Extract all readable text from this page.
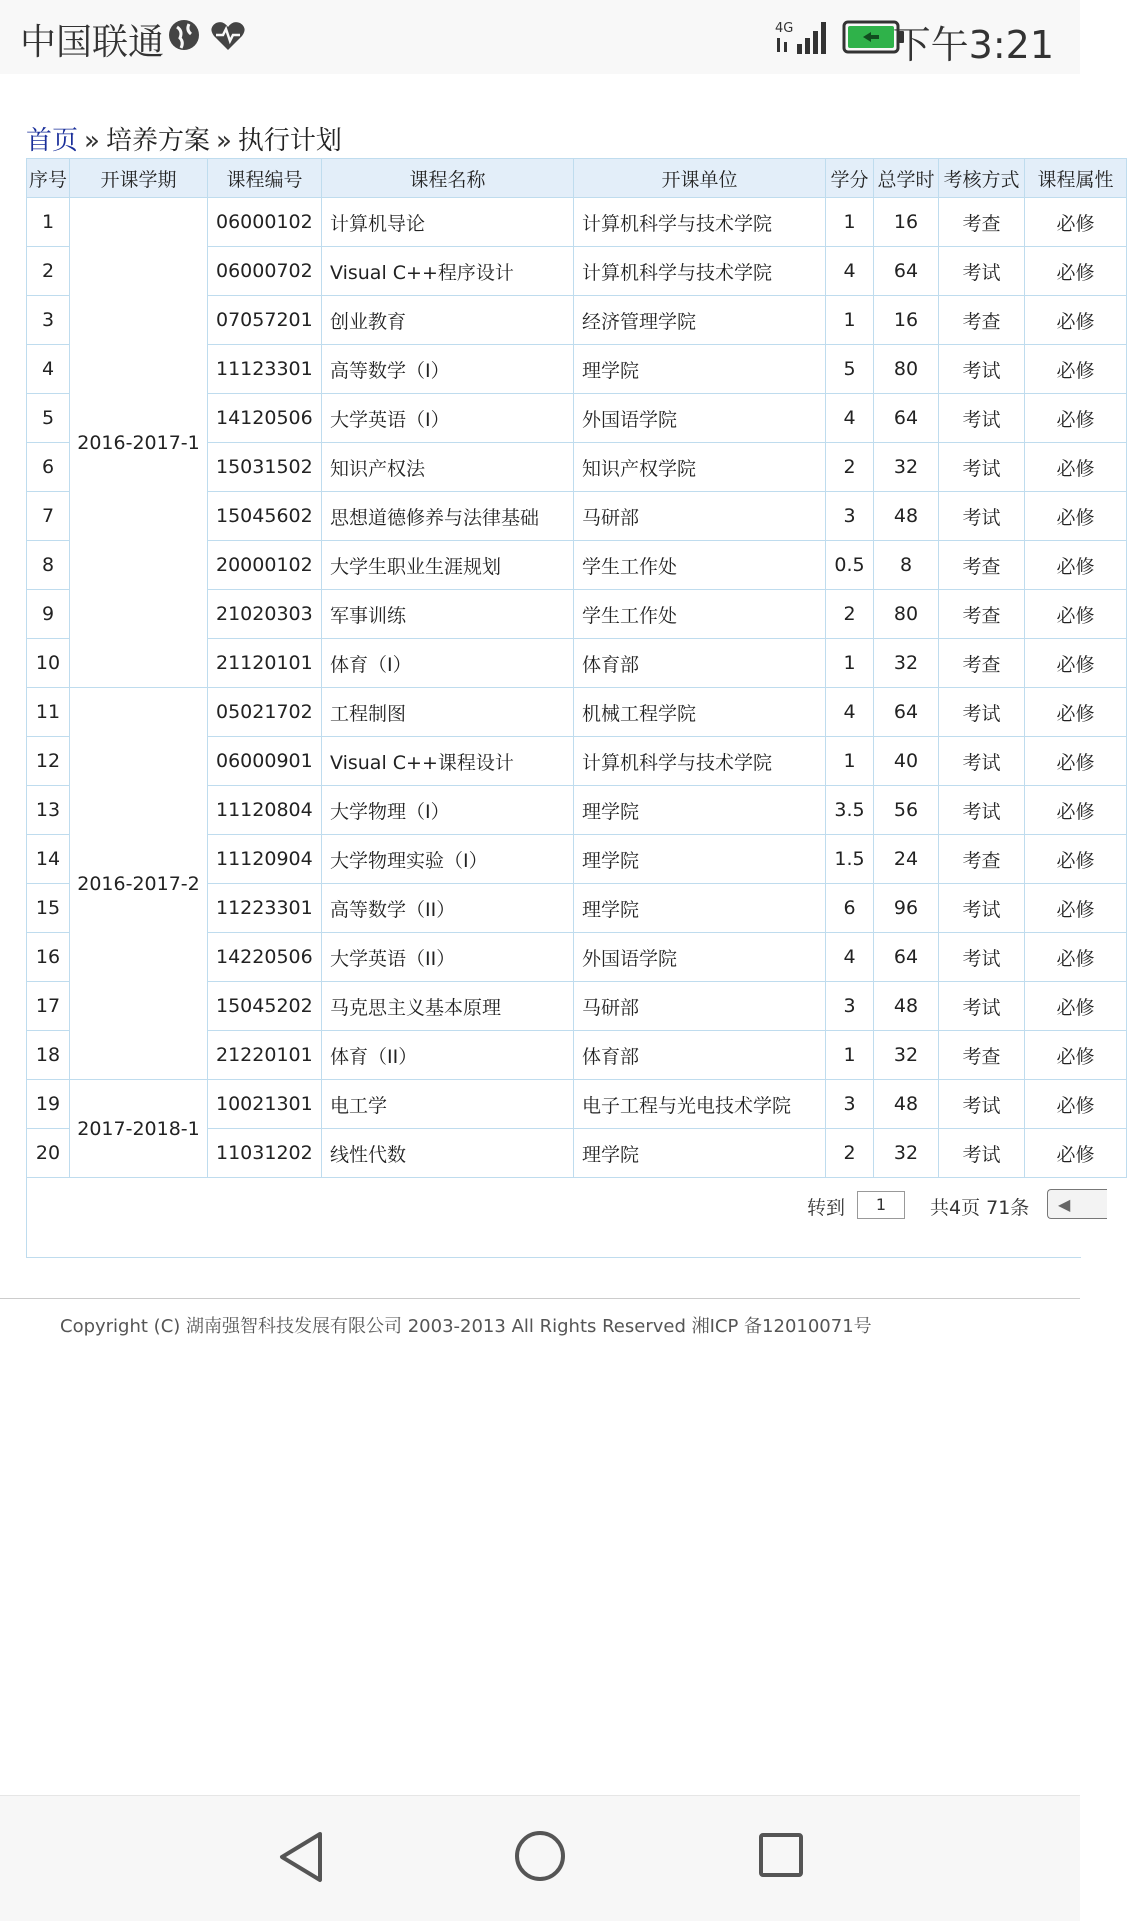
中国联通	4G	下午3:21
首页 » 培养方案 » 执行计划
序号	开课学期	课程编号	课程名称	开课单位	学分	总学时	考核方式	课程属性
1	2016-2017-1	06000102	计算机导论	计算机科学与技术学院	1	16	考查	必修
2		06000702	Visual C++程序设计	计算机科学与技术学院	4	64	考试	必修
3		07057201	创业教育	经济管理学院	1	16	考查	必修
4		11123301	高等数学（I）	理学院	5	80	考试	必修
5		14120506	大学英语（I）	外国语学院	4	64	考试	必修
6		15031502	知识产权法	知识产权学院	2	32	考试	必修
7		15045602	思想道德修养与法律基础	马研部	3	48	考试	必修
8		20000102	大学生职业生涯规划	学生工作处	0.5	8	考查	必修
9		21020303	军事训练	学生工作处	2	80	考查	必修
10		21120101	体育（I）	体育部	1	32	考查	必修
11	2016-2017-2	05021702	工程制图	机械工程学院	4	64	考试	必修
12		06000901	Visual C++课程设计	计算机科学与技术学院	1	40	考试	必修
13		11120804	大学物理（I）	理学院	3.5	56	考试	必修
14		11120904	大学物理实验（I）	理学院	1.5	24	考查	必修
15		11223301	高等数学（II）	理学院	6	96	考试	必修
16		14220506	大学英语（II）	外国语学院	4	64	考试	必修
17		15045202	马克思主义基本原理	马研部	3	48	考试	必修
18		21220101	体育（II）	体育部	1	32	考查	必修
19	2017-2018-1	10021301	电工学	电子工程与光电技术学院	3	48	考试	必修
20		11031202	线性代数	理学院	2	32	考试	必修
转到	1	共4页 71条	◀
Copyright (C) 湖南强智科技发展有限公司 2003-2013 All Rights Reserved 湘ICP 备12010071号
